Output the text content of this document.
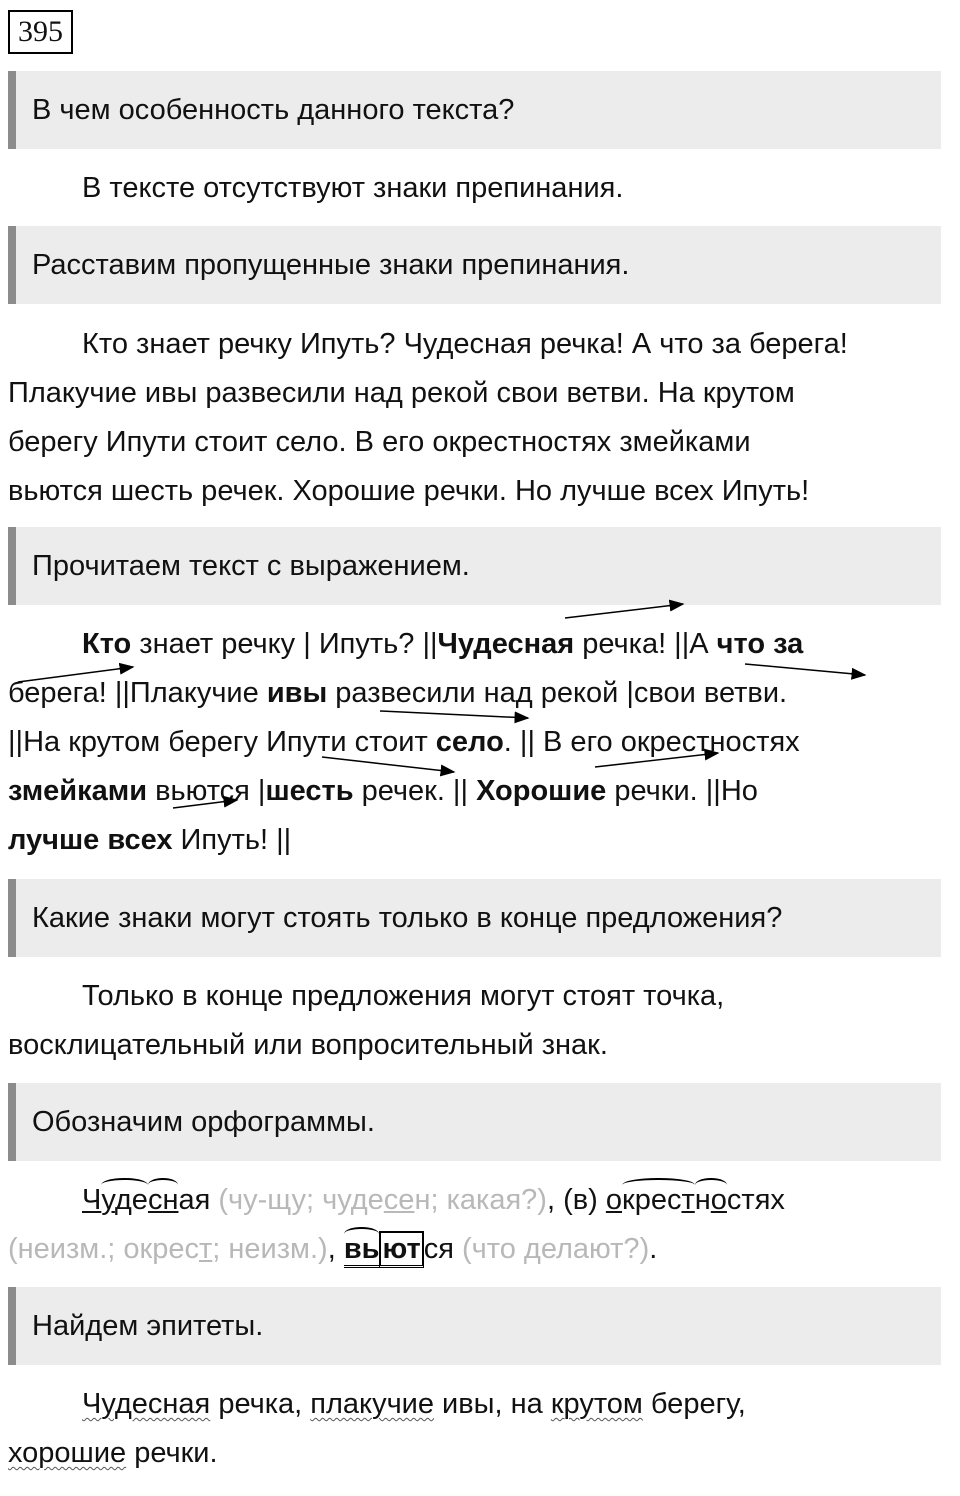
395
В чем особенность данного текста?
В тексте отсутствуют знаки препинания.
Расставим пропущенные знаки препинания.
Кто знает речку Ипуть? Чудесная речка! А что за берега!
Плакучие ивы развесили над рекой свои ветви. На крутом
берегу Ипути стоит село. В его окрестностях змейками
вьются шесть речек. Хорошие речки. Но лучше всех Ипуть!
Прочитаем текст с выражением.
Кто знает речку | Ипуть? ||Чудесная речка! ||А что за
берега! ||Плакучие ивы развесили над рекой |свои ветви.
||На крутом берегу Ипути стоит село. || В его окрестностях
змейками вьются |шесть речек. || Хорошие речки. ||Но
лучше всех Ипуть! ||
Какие знаки могут стоять только в конце предложения?
Только в конце предложения могут стоят точка,
восклицательный или вопросительный знак.
Обозначим орфограммы.
Чудесная (чу-щу; чудесен; какая?), (в) окрестностях
(неизм.; окрест; неизм.), вь ют ся (что делают?).
Найдем эпитеты.
Чудесная речка, плакучие ивы, на крутом берегу,
хорошие речки.
